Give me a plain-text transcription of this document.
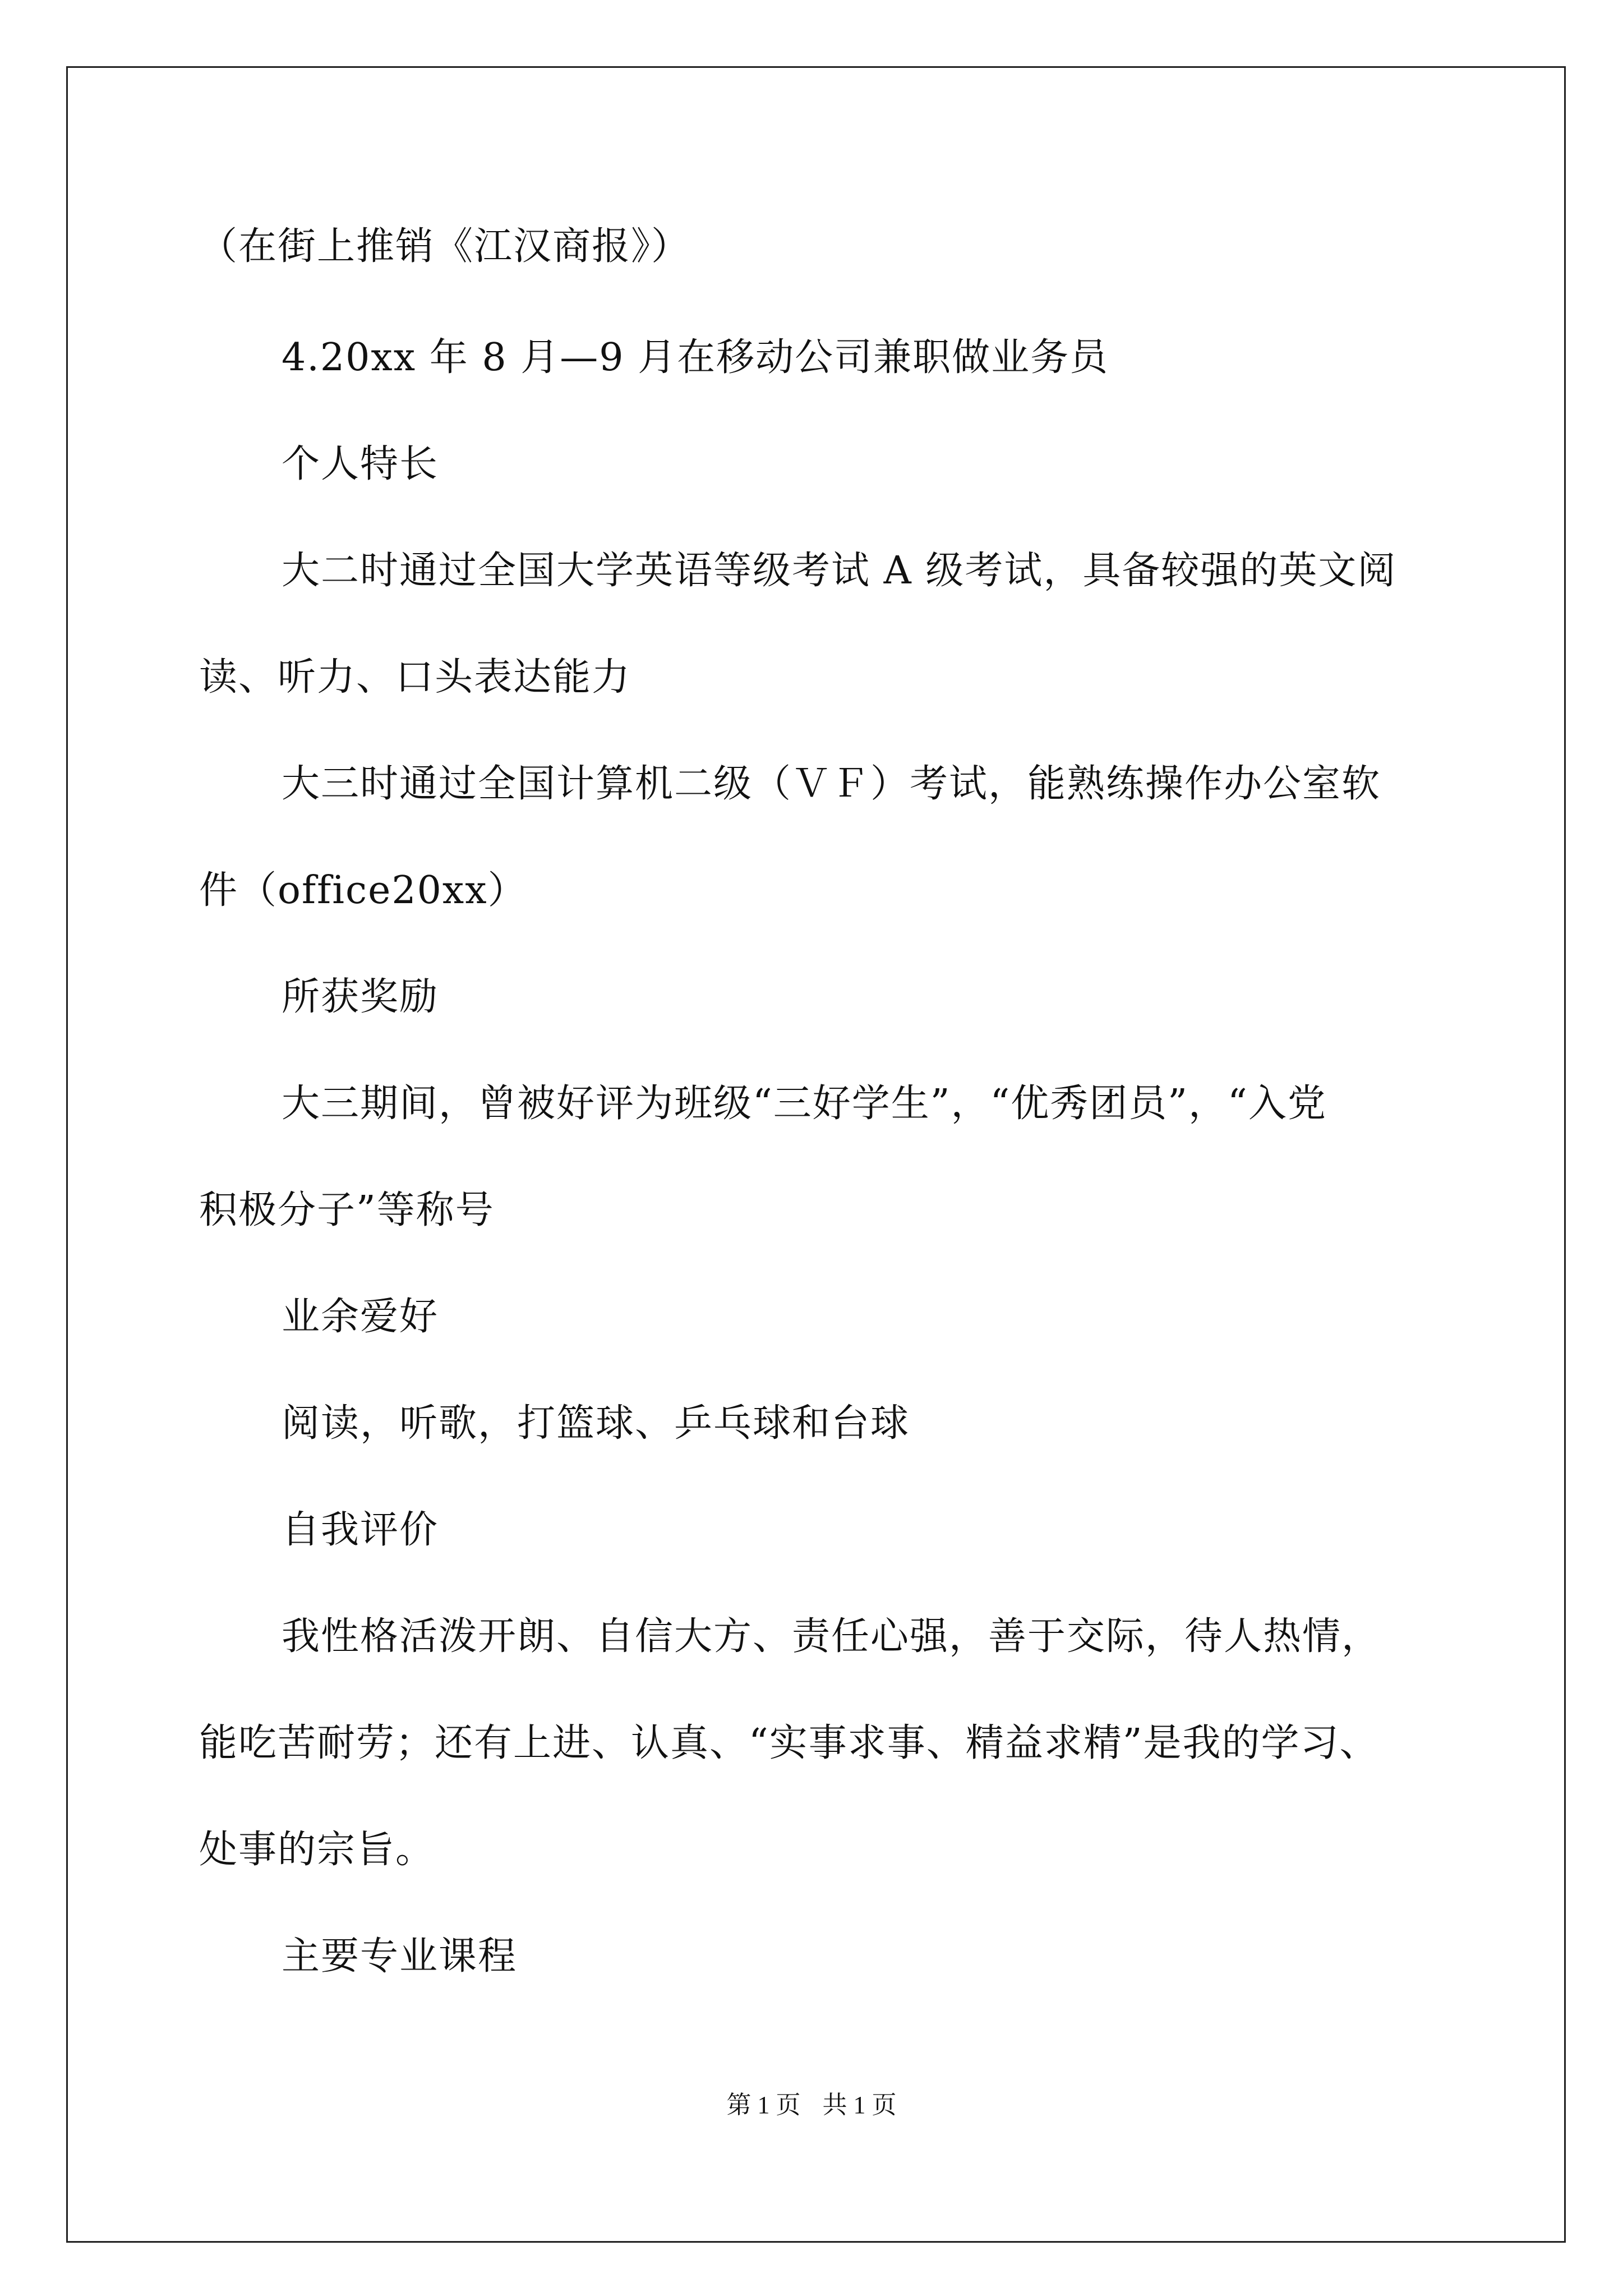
（在街上推销《江汉商报》）
4.20xx 年 8 月—9 月在移动公司兼职做业务员
个人特长
大二时通过全国大学英语等级考试 A 级考试，具备较强的英文阅
读、听力、口头表达能力
大三时通过全国计算机二级（ＶＦ）考试，能熟练操作办公室软
件（office20xx）
所获奖励
大三期间，曾被好评为班级“三好学生”，“优秀团员”，“入党
积极分子”等称号
业余爱好
阅读，听歌，打篮球、乒乓球和台球
自我评价
我性格活泼开朗、自信大方、责任心强，善于交际，待人热情，
能吃苦耐劳；还有上进、认真、“实事求事、精益求精”是我的学习、
处事的宗旨。
主要专业课程
第 1 页 共 1 页
